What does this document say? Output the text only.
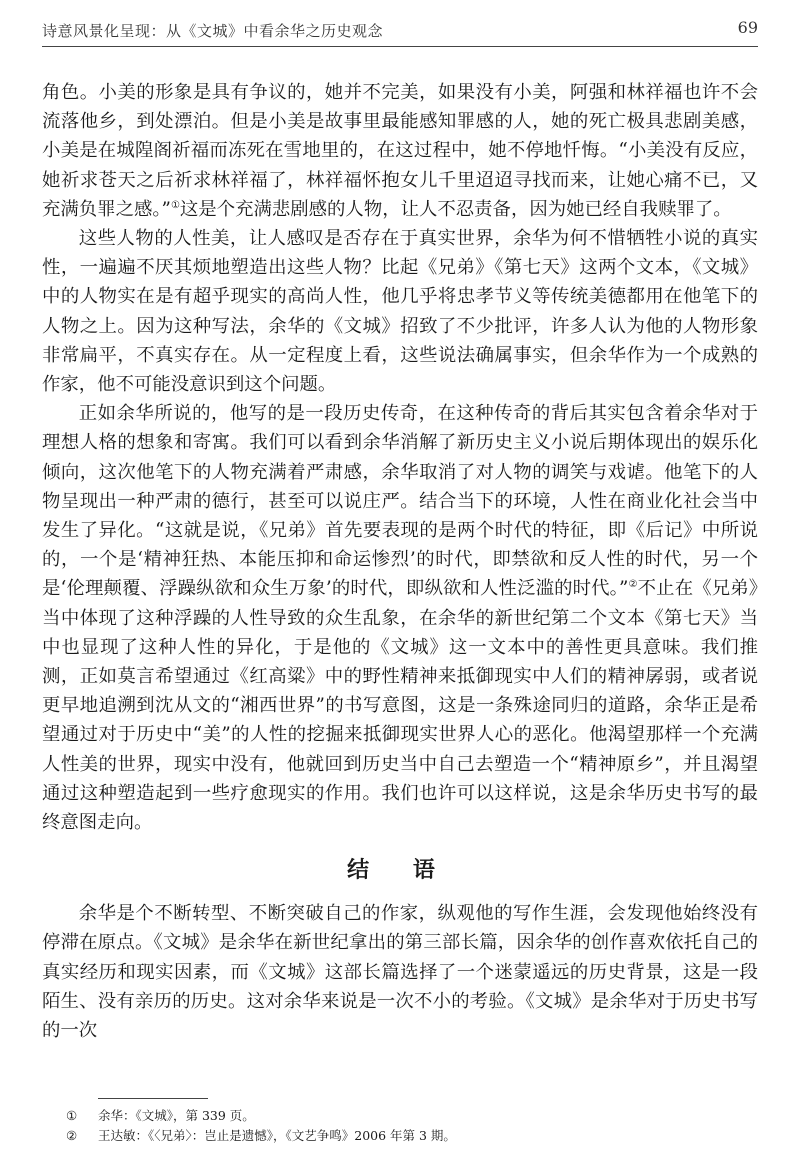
诗意风景化呈现：从《文城》中看余华之历史观念	69

角色。小美的形象是具有争议的，她并不完美，如果没有小美，阿强和林祥福也许不会流落他乡，到处漂泊。但是小美是故事里最能感知罪感的人，她的死亡极具悲剧美感，小美是在城隍阁祈福而冻死在雪地里的，在这过程中，她不停地忏悔。“小美没有反应，她祈求苍天之后祈求林祥福了，林祥福怀抱女儿千里迢迢寻找而来，让她心痛不已，又充满负罪之感。”①这是个充满悲剧感的人物，让人不忍责备，因为她已经自我赎罪了。

这些人物的人性美，让人感叹是否存在于真实世界，余华为何不惜牺牲小说的真实性，一遍遍不厌其烦地塑造出这些人物？比起《兄弟》《第七天》这两个文本，《文城》中的人物实在是有超乎现实的高尚人性，他几乎将忠孝节义等传统美德都用在他笔下的人物之上。因为这种写法，余华的《文城》招致了不少批评，许多人认为他的人物形象非常扁平，不真实存在。从一定程度上看，这些说法确属事实，但余华作为一个成熟的作家，他不可能没意识到这个问题。

正如余华所说的，他写的是一段历史传奇，在这种传奇的背后其实包含着余华对于理想人格的想象和寄寓。我们可以看到余华消解了新历史主义小说后期体现出的娱乐化倾向，这次他笔下的人物充满着严肃感，余华取消了对人物的调笑与戏谑。他笔下的人物呈现出一种严肃的德行，甚至可以说庄严。结合当下的环境，人性在商业化社会当中发生了异化。“这就是说，《兄弟》首先要表现的是两个时代的特征，即《后记》中所说的，一个是‘精神狂热、本能压抑和命运惨烈’的时代，即禁欲和反人性的时代，另一个是‘伦理颠覆、浮躁纵欲和众生万象’的时代，即纵欲和人性泛滥的时代。”②不止在《兄弟》当中体现了这种浮躁的人性导致的众生乱象，在余华的新世纪第二个文本《第七天》当中也显现了这种人性的异化，于是他的《文城》这一文本中的善性更具意味。我们推测，正如莫言希望通过《红高粱》中的野性精神来抵御现实中人们的精神孱弱，或者说更早地追溯到沈从文的“湘西世界”的书写意图，这是一条殊途同归的道路，余华正是希望通过对于历史中“美”的人性的挖掘来抵御现实世界人心的恶化。他渴望那样一个充满人性美的世界，现实中没有，他就回到历史当中自己去塑造一个“精神原乡”，并且渴望通过这种塑造起到一些疗愈现实的作用。我们也许可以这样说，这是余华历史书写的最终意图走向。

结 语

余华是个不断转型、不断突破自己的作家，纵观他的写作生涯，会发现他始终没有停滞在原点。《文城》是余华在新世纪拿出的第三部长篇，因余华的创作喜欢依托自己的真实经历和现实因素，而《文城》这部长篇选择了一个迷蒙遥远的历史背景，这是一段陌生、没有亲历的历史。这对余华来说是一次不小的考验。《文城》是余华对于历史书写的一次

①	余华：《文城》，第 339 页。
②	王达敏：《〈兄弟〉：岂止是遗憾》，《文艺争鸣》2006 年第 3 期。
